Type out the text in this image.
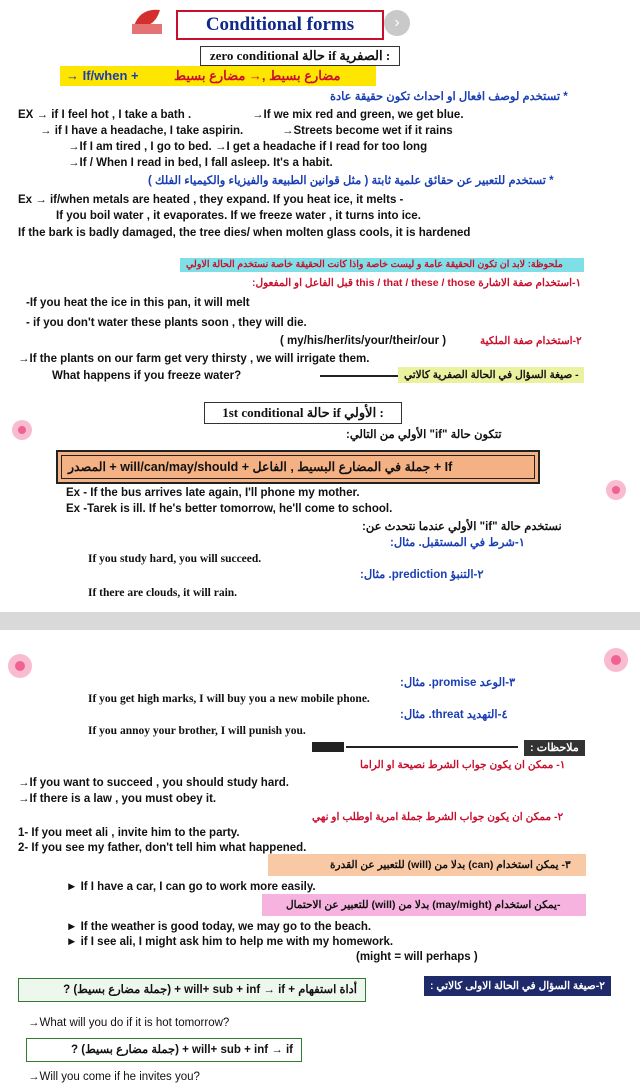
Conditional forms	›
zero conditional حالة if الصفرية :
→ If/when +	مضارع بسيط ,→ مضارع بسيط
* تستخدم لوصف افعال او احداث تكون حقيقة عادة
EX → if I feel hot , I take a bath .	→If we mix red and green, we get blue.
→ if I have a headache, I take aspirin.	→Streets become wet if it rains
→If I am tired , I go to bed. →I get a headache if I read for too long
→If / When I read in bed, I fall asleep. It's a habit.
* تستخدم للتعبير عن حقائق علمية ثابتة ( مثل قوانين الطبيعة والفيزياء والكيمياء الفلك )
Ex → if/when metals are heated , they expand. If you heat ice, it melts -
If you boil water , it evaporates. If we freeze water , it turns into ice.
If the bark is badly damaged, the tree dies/ when molten glass cools, it is hardened
ملحوظة: لابد ان تكون الحقيقة عامة و ليست خاصة واذا كانت الحقيقة خاصة نستخدم الحالة الاولي
١-استخدام صفة الاشارة this / that / these / those قبل الفاعل او المفعول:
-If you heat the ice in this pan, it will melt
- if you don't water these plants soon , they will die.
٢-استخدام صفة الملكية
( my/his/her/its/your/their/our )
→If the plants on our farm get very thirsty , we will irrigate them.
What happens if you freeze water?	- صيغة السؤال في الحالة الصفرية كالاتي
1st conditional حالة if الأولي :
تتكون حالة "if" الأولي من التالي:
If + جملة في المضارع البسيط , الفاعل + will/can/may/should + المصدر
Ex - If the bus arrives late again, I'll phone my mother.
Ex -Tarek is ill. If he's better tomorrow, he'll come to school.
نستخدم حالة "if" الأولي عندما نتحدث عن:
١-شرط في المستقبل. مثال:
If you study hard, you will succeed.
٢-التنبؤ prediction. مثال:
If there are clouds, it will rain.
٣-الوعد promise. مثال:
If you get high marks, I will buy you a new mobile phone.
٤-التهديد threat. مثال:
If you annoy your brother, I will punish you.
ملاحظات :
١- ممكن ان يكون جواب الشرط نصيحة او الراما
→If you want to succeed , you should study hard.
→If there is a law , you must obey it.
٢- ممكن ان يكون جواب الشرط جملة امرية اوطلب او نهي
1- If you meet ali , invite him to the party.
2- If you see my father, don't tell him what happened.
٣- يمكن استخدام (can) بدلا من (will) للتعبير عن القدرة
► If I have a car, I can go to work more easily.
-يمكن استخدام (may/might) بدلا من (will) للتعبير عن الاحتمال
► If the weather is good today, we may go to the beach.
► if I see ali, I might ask him to help me with my homework.
(might = will perhaps )
٢-صيغة السؤال في الحالة الاولى كالاتي :
أداة استفهام + will+ sub + inf → if + (جملة مضارع بسيط) ?
→What will you do if it is hot tomorrow?
will+ sub + inf → if + (جملة مضارع بسيط) ?
→Will you come if he invites you?
